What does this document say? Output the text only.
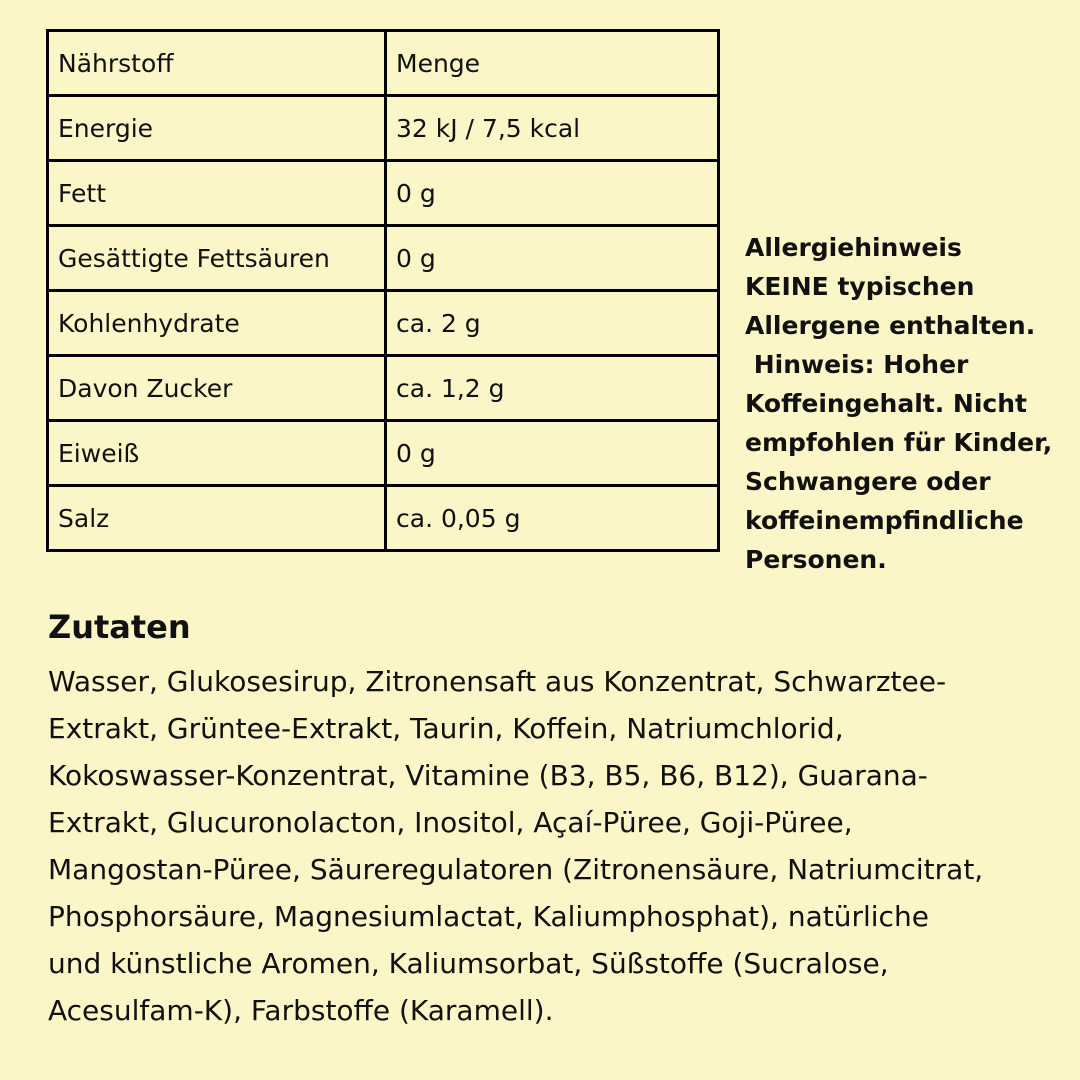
Nährstoff	Menge
Energie	32 kJ / 7,5 kcal
Fett	0 g
Gesättigte Fettsäuren	0 g
Kohlenhydrate	ca. 2 g
Davon Zucker	ca. 1,2 g
Eiweiß	0 g
Salz	ca. 0,05 g
Allergiehinweis
KEINE typischen
Allergene enthalten.
Hinweis: Hoher
Koffeingehalt. Nicht
empfohlen für Kinder,
Schwangere oder
koffeinempfindliche
Personen.
Zutaten
Wasser, Glukosesirup, Zitronensaft aus Konzentrat, Schwarztee-
Extrakt, Grüntee-Extrakt, Taurin, Koffein, Natriumchlorid,
Kokoswasser-Konzentrat, Vitamine (B3, B5, B6, B12), Guarana-
Extrakt, Glucuronolacton, Inositol, Açaí-Püree, Goji-Püree,
Mangostan-Püree, Säureregulatoren (Zitronensäure, Natriumcitrat,
Phosphorsäure, Magnesiumlactat, Kaliumphosphat), natürliche
und künstliche Aromen, Kaliumsorbat, Süßstoffe (Sucralose,
Acesulfam-K), Farbstoffe (Karamell).
